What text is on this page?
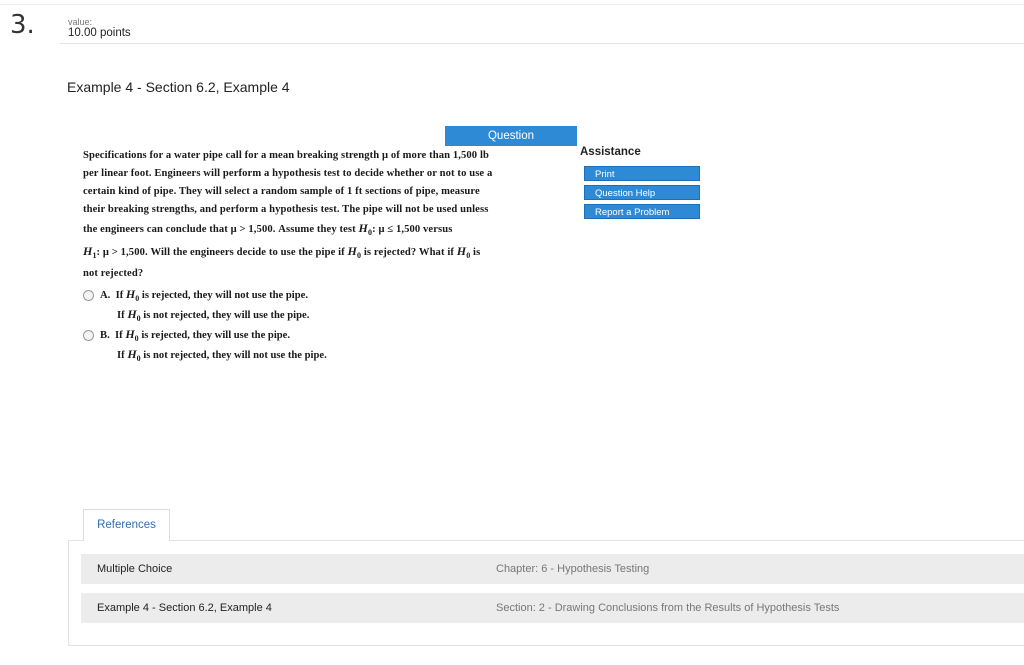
3.	value:
10.00 points
Example 4 - Section 6.2, Example 4
Question
Specifications for a water pipe call for a mean breaking strength μ of more than 1,500 lb
per linear foot. Engineers will perform a hypothesis test to decide whether or not to use a
certain kind of pipe. They will select a random sample of 1 ft sections of pipe, measure
their breaking strengths, and perform a hypothesis test. The pipe will not be used unless
the engineers can conclude that μ > 1,500. Assume they test $H_0$: μ ≤ 1,500 versus
$H_1$: μ > 1,500. Will the engineers decide to use the pipe if $H_0$ is rejected? What if $H_0$ is
not rejected?
A. If $H_0$ is rejected, they will not use the pipe.
If $H_0$ is not rejected, they will use the pipe.
B. If $H_0$ is rejected, they will use the pipe.
If $H_0$ is not rejected, they will not use the pipe.
Assistance
Print
Question Help
Report a Problem
References
Multiple Choice	Chapter: 6 - Hypothesis Testing
Example 4 - Section 6.2, Example 4	Section: 2 - Drawing Conclusions from the Results of Hypothesis Tests
